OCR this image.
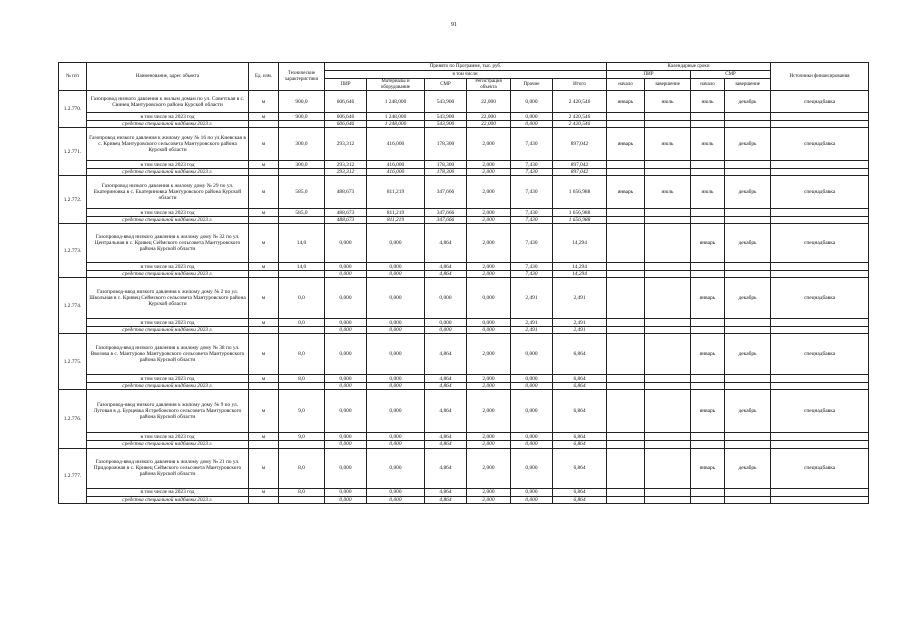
91
№ п/п	Наименование, адрес объекта	Ед. изм.	Технические характеристики	Принято по Программе, тыс. руб.						Календарные сроки				Источники финансирования
				в том числе:						ПИР		СМР		
				ПИР	Материалы и оборудование	СМР	Регистрация объекта	Прочие	Итого	начало	завершение	начало	завершение	
1.2.770.	Газопровод низкого давления к жилым домам по ул. Советская в с. Свинец Мантуровского района Курской области	м	900,0	606,646	1 248,000	543,900	22,000	0,000	2 420,546	январь	июль	июль	декабрь	спецнадбавка
	в том числе на 2023 год	м	900,0	606,646	1 248,000	543,900	22,000	0,000	2 420,546					
	средства специальной надбавки 2023 г.			606,646	1 248,000	543,900	22,000	0,000	2 420,546					
1.2.771.	Газопровод низкого давления к жилому дому № 16 по ул.Киевская в с. Кривец Мантуровского сельсовета Мантуровского района Курской области	м	300,0	293,312	416,000	178,300	2,000	7,430	897,042	январь	июль	июль	декабрь	спецнадбавка
	в том числе на 2023 год	м	300,0	293,312	416,000	178,300	2,000	7,430	897,042					
	средства специальной надбавки 2023 г.			293,312	416,000	178,300	2,000	7,430	897,042					
1.2.772.	Газопровод низкого давления к жилому дому № 29 по ул. Екатериновка в с. Екатериновка Мантуровского района Курской области	м	585,0	488,673	811,219	347,666	2,000	7,430	1 656,988	январь	июль	июль	декабрь	спецнадбавка
	в том числе на 2023 год	м	585,0	488,673	811,219	347,666	2,000	7,430	1 656,988					
	средства специальной надбавки 2023 г.			488,673	811,219	347,666	2,000	7,430	1 656,988					
1.2.773.	Газопровод-ввод низкого давления к жилому дому № 32 по ул. Центральная в с. Кривец Сеймского сельсовета Мантуровского района Курской области	м	14,0	0,000	0,000	4,864	2,000	7,430	14,294			январь	декабрь	спецнадбавка
	в том числе на 2023 год	м	14,0	0,000	0,000	4,864	2,000	7,430	14,294					
	средства специальной надбавки 2023 г.			0,000	0,000	4,864	2,000	7,430	14,294					
1.2.774.	Газопровод-ввод низкого давления к жилому дому № 2 по ул. Школьная в с. Кривец Сеймского сельсовета Мантуровского района Курской области	м	0,0	0,000	0,000	0,000	0,000	2,491	2,491			январь	декабрь	спецнадбавка
	в том числе на 2023 год	м	0,0	0,000	0,000	0,000	0,000	2,491	2,491					
	средства специальной надбавки 2023 г.			0,000	0,000	0,000	0,000	2,491	2,491					
1.2.775.	Газопровод-ввод низкого давления к жилому дому № 38 по ул. Ввозова в с. Мантурово Мантуровского сельсовета Мантуровского района Курской области	м	8,0	0,000	0,000	4,864	2,000	0,000	6,864			январь	декабрь	спецнадбавка
	в том числе на 2023 год	м	8,0	0,000	0,000	4,864	2,000	0,000	6,864					
	средства специальной надбавки 2023 г.			0,000	0,000	4,864	2,000	0,000	6,864					
1.2.776.	Газопровод-ввод низкого давления к жилому дому № 9 по ул. Луговая в д. Бурцевка Ястребовского сельсовета Мантуровского района Курской области	м	9,0	0,000	0,000	4,864	2,000	0,000	6,864			январь	декабрь	спецнадбавка
	в том числе на 2023 год	м	9,0	0,000	0,000	4,864	2,000	0,000	6,864					
	средства специальной надбавки 2023 г.			0,000	0,000	4,864	2,000	0,000	6,864					
1.2.777.	Газопровод-ввод низкого давления к жилому дому № 21 по ул. Придорожная в с. Кривец Сеймского сельсовета Мантуровского района Курской области	м	8,0	0,000	0,000	4,864	2,000	0,000	6,864			январь	декабрь	спецнадбавка
	в том числе на 2023 год	м	8,0	0,000	0,000	4,864	2,000	0,000	6,864					
	средства специальной надбавки 2023 г.			0,000	0,000	4,864	2,000	0,000	6,864					
